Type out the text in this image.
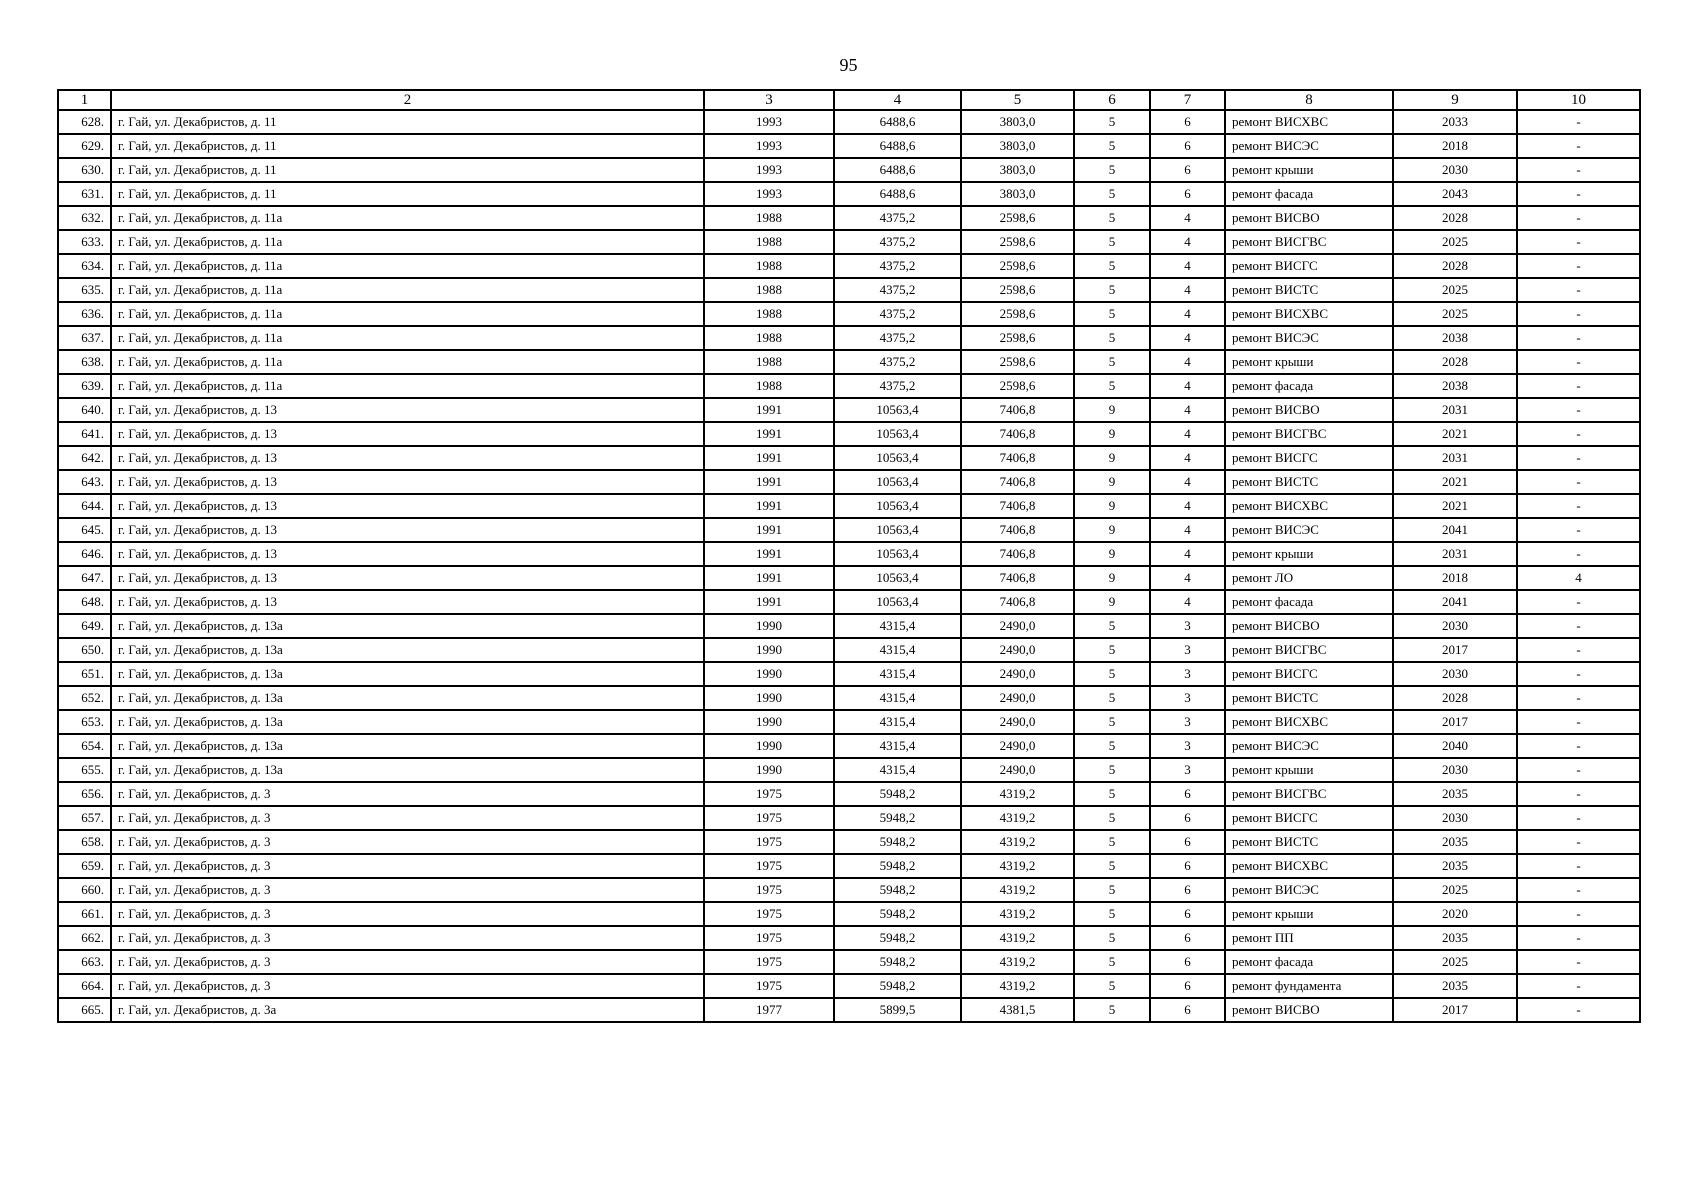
95
1	2	3	4	5	6	7	8	9	10
628.	г. Гай, ул. Декабристов, д. 11	1993	6488,6	3803,0	5	6	ремонт ВИСХВС	2033	-
629.	г. Гай, ул. Декабристов, д. 11	1993	6488,6	3803,0	5	6	ремонт ВИСЭС	2018	-
630.	г. Гай, ул. Декабристов, д. 11	1993	6488,6	3803,0	5	6	ремонт крыши	2030	-
631.	г. Гай, ул. Декабристов, д. 11	1993	6488,6	3803,0	5	6	ремонт фасада	2043	-
632.	г. Гай, ул. Декабристов, д. 11а	1988	4375,2	2598,6	5	4	ремонт ВИСВО	2028	-
633.	г. Гай, ул. Декабристов, д. 11а	1988	4375,2	2598,6	5	4	ремонт ВИСГВС	2025	-
634.	г. Гай, ул. Декабристов, д. 11а	1988	4375,2	2598,6	5	4	ремонт ВИСГС	2028	-
635.	г. Гай, ул. Декабристов, д. 11а	1988	4375,2	2598,6	5	4	ремонт ВИСТС	2025	-
636.	г. Гай, ул. Декабристов, д. 11а	1988	4375,2	2598,6	5	4	ремонт ВИСХВС	2025	-
637.	г. Гай, ул. Декабристов, д. 11а	1988	4375,2	2598,6	5	4	ремонт ВИСЭС	2038	-
638.	г. Гай, ул. Декабристов, д. 11а	1988	4375,2	2598,6	5	4	ремонт крыши	2028	-
639.	г. Гай, ул. Декабристов, д. 11а	1988	4375,2	2598,6	5	4	ремонт фасада	2038	-
640.	г. Гай, ул. Декабристов, д. 13	1991	10563,4	7406,8	9	4	ремонт ВИСВО	2031	-
641.	г. Гай, ул. Декабристов, д. 13	1991	10563,4	7406,8	9	4	ремонт ВИСГВС	2021	-
642.	г. Гай, ул. Декабристов, д. 13	1991	10563,4	7406,8	9	4	ремонт ВИСГС	2031	-
643.	г. Гай, ул. Декабристов, д. 13	1991	10563,4	7406,8	9	4	ремонт ВИСТС	2021	-
644.	г. Гай, ул. Декабристов, д. 13	1991	10563,4	7406,8	9	4	ремонт ВИСХВС	2021	-
645.	г. Гай, ул. Декабристов, д. 13	1991	10563,4	7406,8	9	4	ремонт ВИСЭС	2041	-
646.	г. Гай, ул. Декабристов, д. 13	1991	10563,4	7406,8	9	4	ремонт крыши	2031	-
647.	г. Гай, ул. Декабристов, д. 13	1991	10563,4	7406,8	9	4	ремонт ЛО	2018	4
648.	г. Гай, ул. Декабристов, д. 13	1991	10563,4	7406,8	9	4	ремонт фасада	2041	-
649.	г. Гай, ул. Декабристов, д. 13а	1990	4315,4	2490,0	5	3	ремонт ВИСВО	2030	-
650.	г. Гай, ул. Декабристов, д. 13а	1990	4315,4	2490,0	5	3	ремонт ВИСГВС	2017	-
651.	г. Гай, ул. Декабристов, д. 13а	1990	4315,4	2490,0	5	3	ремонт ВИСГС	2030	-
652.	г. Гай, ул. Декабристов, д. 13а	1990	4315,4	2490,0	5	3	ремонт ВИСТС	2028	-
653.	г. Гай, ул. Декабристов, д. 13а	1990	4315,4	2490,0	5	3	ремонт ВИСХВС	2017	-
654.	г. Гай, ул. Декабристов, д. 13а	1990	4315,4	2490,0	5	3	ремонт ВИСЭС	2040	-
655.	г. Гай, ул. Декабристов, д. 13а	1990	4315,4	2490,0	5	3	ремонт крыши	2030	-
656.	г. Гай, ул. Декабристов, д. 3	1975	5948,2	4319,2	5	6	ремонт ВИСГВС	2035	-
657.	г. Гай, ул. Декабристов, д. 3	1975	5948,2	4319,2	5	6	ремонт ВИСГС	2030	-
658.	г. Гай, ул. Декабристов, д. 3	1975	5948,2	4319,2	5	6	ремонт ВИСТС	2035	-
659.	г. Гай, ул. Декабристов, д. 3	1975	5948,2	4319,2	5	6	ремонт ВИСХВС	2035	-
660.	г. Гай, ул. Декабристов, д. 3	1975	5948,2	4319,2	5	6	ремонт ВИСЭС	2025	-
661.	г. Гай, ул. Декабристов, д. 3	1975	5948,2	4319,2	5	6	ремонт крыши	2020	-
662.	г. Гай, ул. Декабристов, д. 3	1975	5948,2	4319,2	5	6	ремонт ПП	2035	-
663.	г. Гай, ул. Декабристов, д. 3	1975	5948,2	4319,2	5	6	ремонт фасада	2025	-
664.	г. Гай, ул. Декабристов, д. 3	1975	5948,2	4319,2	5	6	ремонт фундамента	2035	-
665.	г. Гай, ул. Декабристов, д. 3а	1977	5899,5	4381,5	5	6	ремонт ВИСВО	2017	-
